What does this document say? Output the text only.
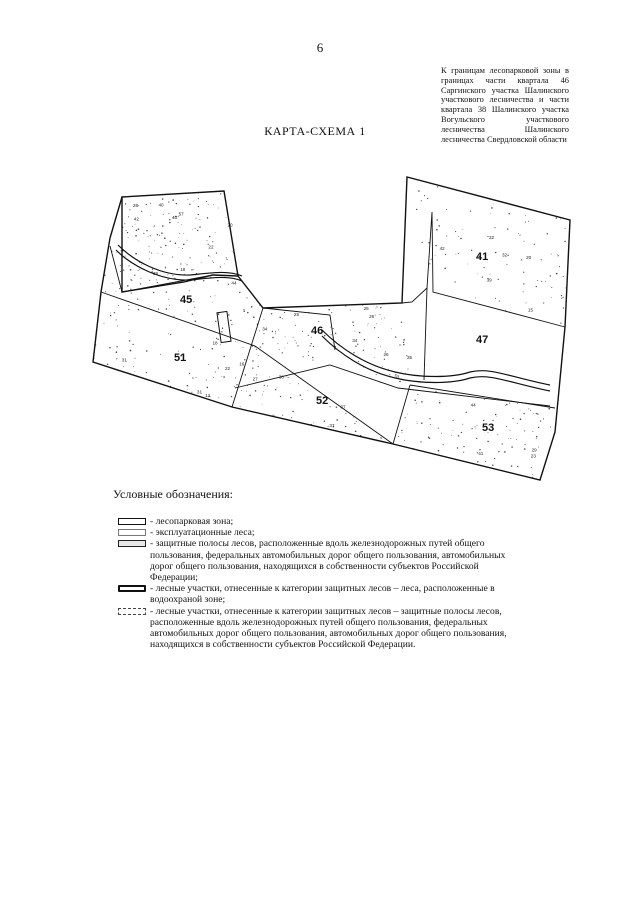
6
К границам лесопарковой зоны в границах части квартала 46 Саргинского участка Шалинского участкового лесничества и части квартала 38 Шалинского участка Вогульского участкового лесничества Шалинского лесничества Свердловской области
КАРТА-СХЕМА 1
45
51
46
41
47
52
53
20
18
26
32
40
31
34
37
42
44
22
25
36
39
41
57
16
33
27
29
38
12
15
23
28
35
20
18
26
32
40
31
34
37
42
44
22
25
Условные обозначения:
- лесопарковая зона;
- эксплуатационные леса;
- защитные полосы лесов, расположенные вдоль железнодорожных путей общего пользования, федеральных автомобильных дорог общего пользования, автомобильных дорог общего пользования, находящихся в собственности субъектов Российской Федерации;
- лесные участки, отнесенные к категории защитных лесов – леса, расположенные в водоохраной зоне;
- лесные участки, отнесенные к категории защитных лесов – защитные полосы лесов, расположенные вдоль железнодорожных путей общего пользования, федеральных автомобильных дорог общего пользования, автомобильных дорог общего пользования, находящихся в собственности субъектов Российской Федерации.
